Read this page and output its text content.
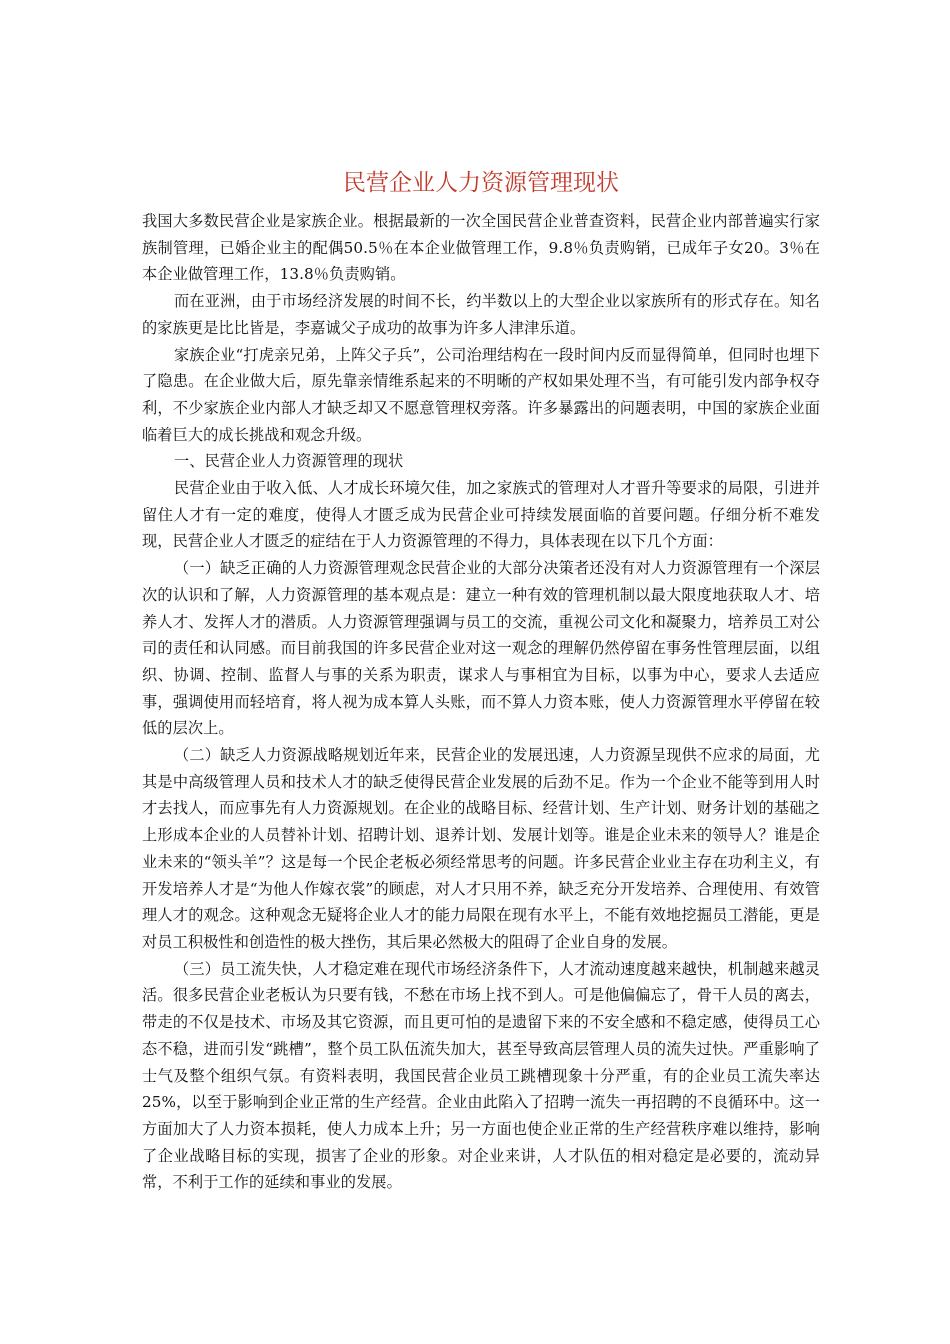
民营企业人力资源管理现状

我国大多数民营企业是家族企业。根据最新的一次全国民营企业普查资料，民营企业内部普遍实行家族制管理，已婚企业主的配偶50.5％在本企业做管理工作，9.8％负责购销，已成年子女20。3％在本企业做管理工作，13.8％负责购销。

而在亚洲，由于市场经济发展的时间不长，约半数以上的大型企业以家族所有的形式存在。知名的家族更是比比皆是，李嘉诚父子成功的故事为许多人津津乐道。

家族企业“打虎亲兄弟，上阵父子兵”，公司治理结构在一段时间内反而显得简单，但同时也埋下了隐患。在企业做大后，原先靠亲情维系起来的不明晰的产权如果处理不当，有可能引发内部争权夺利，不少家族企业内部人才缺乏却又不愿意管理权旁落。许多暴露出的问题表明，中国的家族企业面临着巨大的成长挑战和观念升级。

一、民营企业人力资源管理的现状

民营企业由于收入低、人才成长环境欠佳，加之家族式的管理对人才晋升等要求的局限，引进并留住人才有一定的难度，使得人才匮乏成为民营企业可持续发展面临的首要问题。仔细分析不难发现，民营企业人才匮乏的症结在于人力资源管理的不得力，具体表现在以下几个方面：

（一）缺乏正确的人力资源管理观念民营企业的大部分决策者还没有对人力资源管理有一个深层次的认识和了解，人力资源管理的基本观点是：建立一种有效的管理机制以最大限度地获取人才、培养人才、发挥人才的潜质。人力资源管理强调与员工的交流，重视公司文化和凝聚力，培养员工对公司的责任和认同感。而目前我国的许多民营企业对这一观念的理解仍然停留在事务性管理层面，以组织、协调、控制、监督人与事的关系为职责，谋求人与事相宜为目标，以事为中心，要求人去适应事，强调使用而轻培育，将人视为成本算人头账，而不算人力资本账，使人力资源管理水平停留在较低的层次上。

（二）缺乏人力资源战略规划近年来，民营企业的发展迅速，人力资源呈现供不应求的局面，尤其是中高级管理人员和技术人才的缺乏使得民营企业发展的后劲不足。作为一个企业不能等到用人时才去找人，而应事先有人力资源规划。在企业的战略目标、经营计划、生产计划、财务计划的基础之上形成本企业的人员替补计划、招聘计划、退养计划、发展计划等。谁是企业未来的领导人？谁是企业未来的“领头羊”？这是每一个民企老板必须经常思考的问题。许多民营企业业主存在功利主义，有开发培养人才是“为他人作嫁衣裳”的顾虑，对人才只用不养，缺乏充分开发培养、合理使用、有效管理人才的观念。这种观念无疑将企业人才的能力局限在现有水平上，不能有效地挖掘员工潜能，更是对员工积极性和创造性的极大挫伤，其后果必然极大的阻碍了企业自身的发展。

（三）员工流失快，人才稳定难在现代市场经济条件下，人才流动速度越来越快，机制越来越灵活。很多民营企业老板认为只要有钱，不愁在市场上找不到人。可是他偏偏忘了，骨干人员的离去，带走的不仅是技术、市场及其它资源，而且更可怕的是遗留下来的不安全感和不稳定感，使得员工心态不稳，进而引发“跳槽”，整个员工队伍流失加大，甚至导致高层管理人员的流失过快。严重影响了士气及整个组织气氛。有资料表明，我国民营企业员工跳槽现象十分严重，有的企业员工流失率达25%，以至于影响到企业正常的生产经营。企业由此陷入了招聘一流失一再招聘的不良循环中。这一方面加大了人力资本损耗，使人力成本上升；另一方面也使企业正常的生产经营秩序难以维持，影响了企业战略目标的实现，损害了企业的形象。对企业来讲，人才队伍的相对稳定是必要的，流动异常，不利于工作的延续和事业的发展。
